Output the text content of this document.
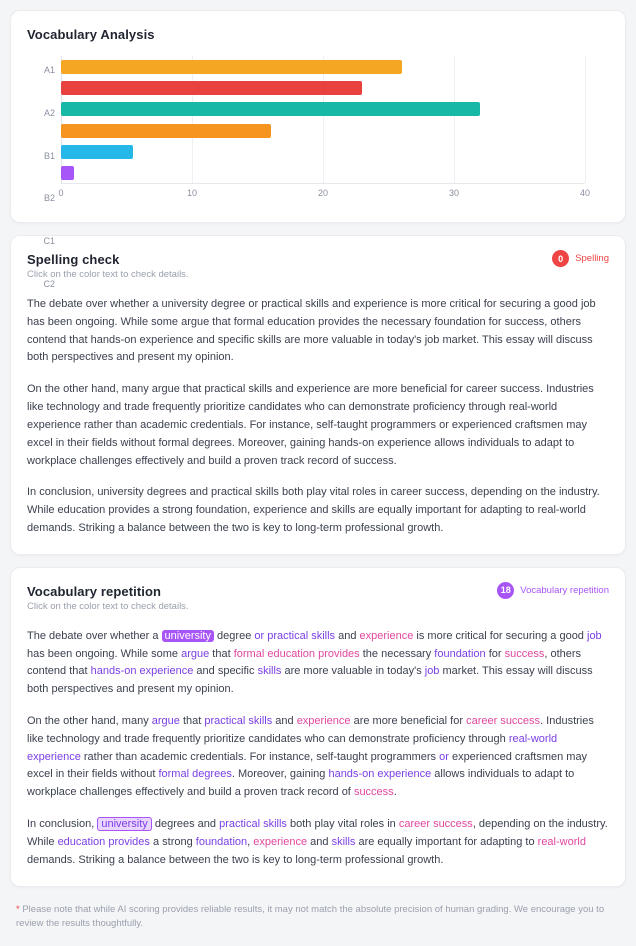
Vocabulary Analysis
A1
A2
B1
B2
C1
C2
0	10	20	30	40
Spelling check
Click on the color text to check details.
0	Spelling

The debate over whether a university degree or practical skills and experience is more critical for securing a good job has been ongoing. While some argue that formal education provides the necessary foundation for success, others contend that hands-on experience and specific skills are more valuable in today's job market. This essay will discuss both perspectives and present my opinion.

On the other hand, many argue that practical skills and experience are more beneficial for career success. Industries like technology and trade frequently prioritize candidates who can demonstrate proficiency through real-world experience rather than academic credentials. For instance, self-taught programmers or experienced craftsmen may excel in their fields without formal degrees. Moreover, gaining hands-on experience allows individuals to adapt to workplace challenges effectively and build a proven track record of success.

In conclusion, university degrees and practical skills both play vital roles in career success, depending on the industry. While education provides a strong foundation, experience and skills are equally important for adapting to real-world demands. Striking a balance between the two is key to long-term professional growth.

Vocabulary repetition
Click on the color text to check details.
18	Vocabulary repetition

The debate over whether a university degree or practical skills and experience is more critical for securing a good job has been ongoing. While some argue that formal education provides the necessary foundation for success, others contend that hands-on experience and specific skills are more valuable in today's job market. This essay will discuss both perspectives and present my opinion.

On the other hand, many argue that practical skills and experience are more beneficial for career success. Industries like technology and trade frequently prioritize candidates who can demonstrate proficiency through real-world experience rather than academic credentials. For instance, self-taught programmers or experienced craftsmen may excel in their fields without formal degrees. Moreover, gaining hands-on experience allows individuals to adapt to workplace challenges effectively and build a proven track record of success.

In conclusion, university degrees and practical skills both play vital roles in career success, depending on the industry. While education provides a strong foundation, experience and skills are equally important for adapting to real-world demands. Striking a balance between the two is key to long-term professional growth.

* Please note that while AI scoring provides reliable results, it may not match the absolute precision of human grading. We encourage you to review the results thoughtfully.
